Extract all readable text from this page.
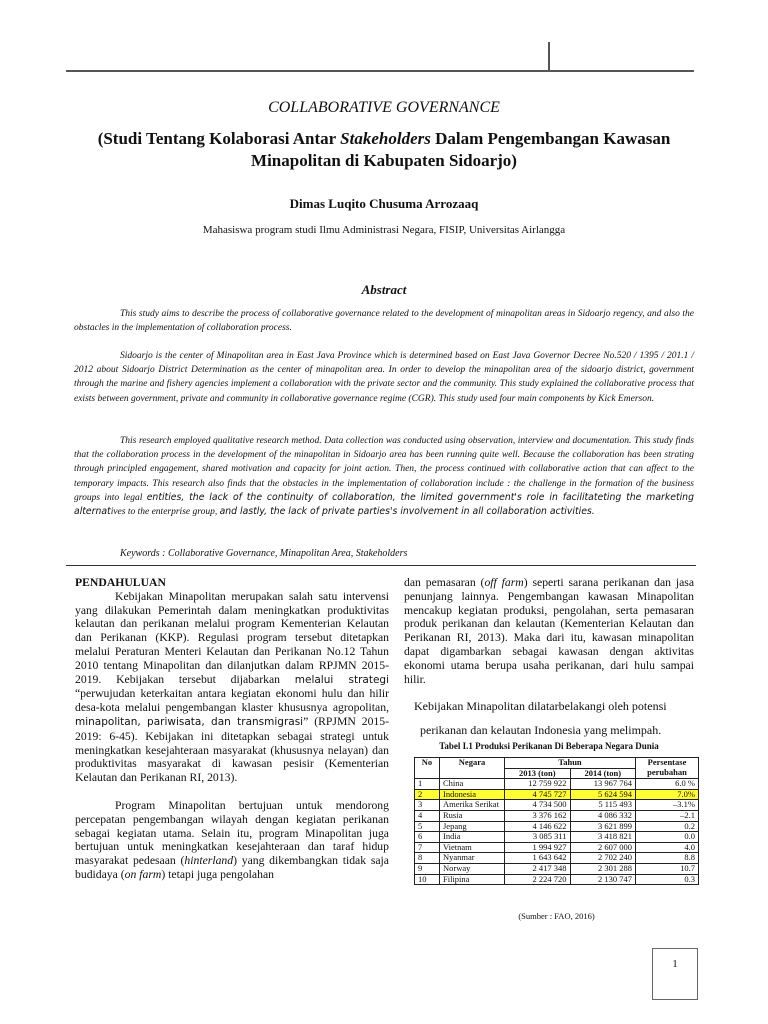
COLLABORATIVE GOVERNANCE

(Studi Tentang Kolaborasi Antar Stakeholders Dalam Pengembangan Kawasan Minapolitan di Kabupaten Sidoarjo)

Dimas Luqito Chusuma Arrozaaq

Mahasiswa program studi Ilmu Administrasi Negara, FISIP, Universitas Airlangga

Abstract

This study aims to describe the process of collaborative governance related to the development of minapolitan areas in Sidoarjo regency, and also the obstacles in the implementation of collaboration process.

Sidoarjo is the center of Minapolitan area in East Java Province which is determined based on East Java Governor Decree No.520 / 1395 / 201.1 / 2012 about Sidoarjo District Determination as the center of minapolitan area. In order to develop the minapolitan area of the sidoarjo district, government through the marine and fishery agencies implement a collaboration with the private sector and the community. This study explained the collaborative process that exists between government, private and community in collaborative governance regime (CGR). This study used four main components by Kick Emerson.

This research employed qualitative research method. Data collection was conducted using observation, interview and documentation. This study finds that the collaboration process in the development of the minapolitan in Sidoarjo area has been running quite well. Because the collaboration has been strating through principled engagement, shared motivation and capacity for joint action. Then, the process continued with collaborative action that can affect to the temporary impacts. This research also finds that the obstacles in the implementation of collaboration include : the challenge in the formation of the business groups into legal entities, the lack of the continuity of collaboration, the limited government's role in facilitateting the marketing alternatives to the enterprise group, and lastly, the lack of private parties's involvement in all collaboration activities.

Keywords : Collaborative Governance, Minapolitan Area, Stakeholders

PENDAHULUAN

Kebijakan Minapolitan merupakan salah satu intervensi yang dilakukan Pemerintah dalam meningkatkan produktivitas kelautan dan perikanan melalui program Kementerian Kelautan dan Perikanan (KKP). Regulasi program tersebut ditetapkan melalui Peraturan Menteri Kelautan dan Perikanan No.12 Tahun 2010 tentang Minapolitan dan dilanjutkan dalam RPJMN 2015-2019. Kebijakan tersebut dijabarkan melalui strategi “perwujudan keterkaitan antara kegiatan ekonomi hulu dan hilir desa-kota melalui pengembangan klaster khususnya agropolitan, minapolitan, pariwisata, dan transmigrasi” (RPJMN 2015-2019: 6-45). Kebijakan ini ditetapkan sebagai strategi untuk meningkatkan kesejahteraan masyarakat (khususnya nelayan) dan produktivitas masyarakat di kawasan pesisir (Kementerian Kelautan dan Perikanan RI, 2013).

Program Minapolitan bertujuan untuk mendorong percepatan pengembangan wilayah dengan kegiatan perikanan sebagai kegiatan utama. Selain itu, program Minapolitan juga bertujuan untuk meningkatkan kesejahteraan dan taraf hidup masyarakat pedesaan (hinterland) yang dikembangkan tidak saja budidaya (on farm) tetapi juga pengolahan

dan pemasaran (off farm) seperti sarana perikanan dan jasa penunjang lainnya. Pengembangan kawasan Minapolitan mencakup kegiatan produksi, pengolahan, serta pemasaran produk perikanan dan kelautan (Kementerian Kelautan dan Perikanan RI, 2013). Maka dari itu, kawasan minapolitan dapat digambarkan sebagai kawasan dengan aktivitas ekonomi utama berupa usaha perikanan, dari hulu sampai hilir.

Kebijakan Minapolitan dilatarbelakangi oleh potensi

perikanan dan kelautan Indonesia yang melimpah.

Tabel I.1 Produksi Perikanan Di Beberapa Negara Dunia

No	Negara	Tahun		Persentase perubahan
		2013 (ton)	2014 (ton)	
1	China	12 759 922	13 967 764	6.0 %
2	Indonesia	4 745 727	5 624 594	7.0%
3	Amerika Serikat	4 734 500	5 115 493	–3.1%
4	Rusia	3 376 162	4 086 332	–2.1
5	Jepang	4 146 622	3 621 899	0.2
6	India	3 085 311	3 418 821	0.0
7	Vietnam	1 994 927	2 607 000	4.0
8	Nyanmar	1 643 642	2 702 240	8.8
9	Norway	2 417 348	2 301 288	10.7
10	Filipina	2 224 720	2 130 747	0.3

(Sumber : FAO, 2016)

1
